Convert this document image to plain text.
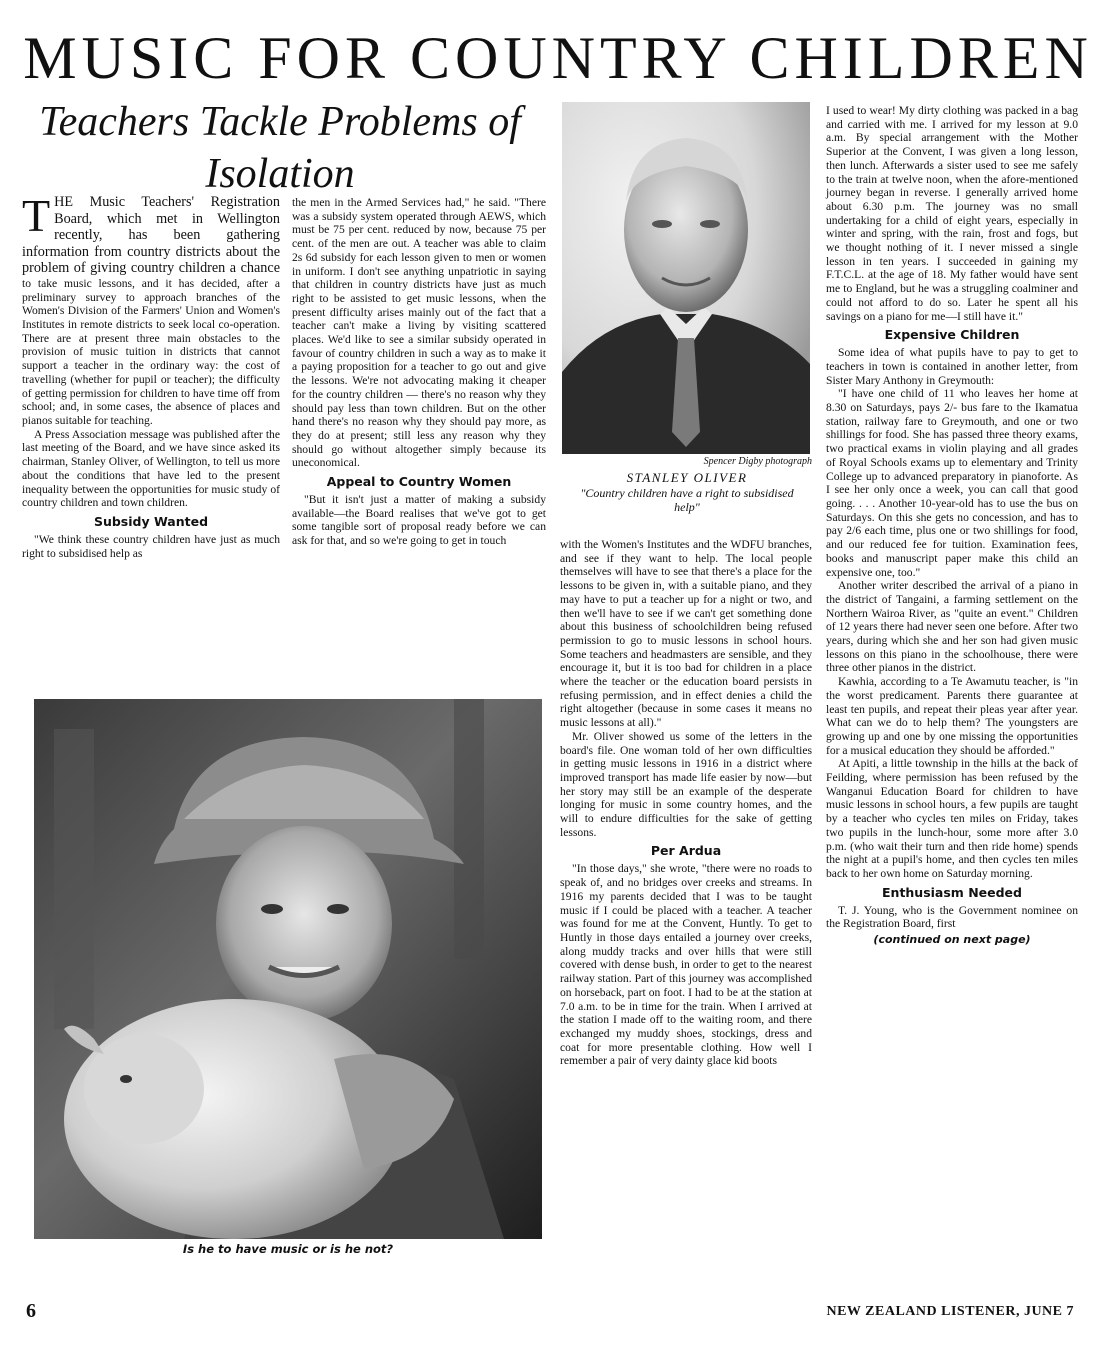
MUSIC FOR COUNTRY CHILDREN
Teachers Tackle Problems of Isolation

THE Music Teachers' Registration Board, which met in Wellington recently, has been gathering information from country districts about the problem of giving country children a chance to take music lessons, and it has decided, after a preliminary survey to approach branches of the Women's Division of the Farmers' Union and Women's Institutes in remote districts to seek local co-operation. There are at present three main obstacles to the provision of music tuition in districts that cannot support a teacher in the ordinary way: the cost of travelling (whether for pupil or teacher); the difficulty of getting permission for children to have time off from school; and, in some cases, the absence of places and pianos suitable for teaching.

A Press Association message was published after the last meeting of the Board, and we have since asked its chairman, Stanley Oliver, of Wellington, to tell us more about the conditions that have led to the present inequality between the opportunities for music study of country children and town children.

Subsidy Wanted

"We think these country children have just as much right to subsidised help as

the men in the Armed Services had," he said. "There was a subsidy system operated through AEWS, which must be 75 per cent. reduced by now, because 75 per cent. of the men are out. A teacher was able to claim 2s 6d subsidy for each lesson given to men or women in uniform. I don't see anything unpatriotic in saying that children in country districts have just as much right to be assisted to get music lessons, when the present difficulty arises mainly out of the fact that a teacher can't make a living by visiting scattered places. We'd like to see a similar subsidy operated in favour of country children in such a way as to make it a paying proposition for a teacher to go out and give the lessons. We're not advocating making it cheaper for the country children — there's no reason why they should pay less than town children. But on the other hand there's no reason why they should pay more, as they do at present; still less any reason why they should go without altogether simply because its uneconomical.

Appeal to Country Women

"But it isn't just a matter of making a subsidy available—the Board realises that we've got to get some tangible sort of proposal ready before we can ask for that, and so we're going to get in touch

Spencer Digby photograph
STANLEY OLIVER
"Country children have a right to subsidised help"

with the Women's Institutes and the WDFU branches, and see if they want to help. The local people themselves will have to see that there's a place for the lessons to be given in, with a suitable piano, and they may have to put a teacher up for a night or two, and then we'll have to see if we can't get something done about this business of schoolchildren being refused permission to go to music lessons in school hours. Some teachers and headmasters are sensible, and they encourage it, but it is too bad for children in a place where the teacher or the education board persists in refusing permission, and in effect denies a child the right altogether (because in some cases it means no music lessons at all)."

Mr. Oliver showed us some of the letters in the board's file. One woman told of her own difficulties in getting music lessons in 1916 in a district where improved transport has made life easier by now—but her story may still be an example of the desperate longing for music in some country homes, and the will to endure difficulties for the sake of getting lessons.

Per Ardua

"In those days," she wrote, "there were no roads to speak of, and no bridges over creeks and streams. In 1916 my parents decided that I was to be taught music if I could be placed with a teacher. A teacher was found for me at the Convent, Huntly. To get to Huntly in those days entailed a journey over creeks, along muddy tracks and over hills that were still covered with dense bush, in order to get to the nearest railway station. Part of this journey was accomplished on horseback, part on foot. I had to be at the station at 7.0 a.m. to be in time for the train. When I arrived at the station I made off to the waiting room, and there exchanged my muddy shoes, stockings, dress and coat for more presentable clothing. How well I remember a pair of very dainty glace kid boots

I used to wear! My dirty clothing was packed in a bag and carried with me. I arrived for my lesson at 9.0 a.m. By special arrangement with the Mother Superior at the Convent, I was given a long lesson, then lunch. Afterwards a sister used to see me safely to the train at twelve noon, when the afore-mentioned journey began in reverse. I generally arrived home about 6.30 p.m. The journey was no small undertaking for a child of eight years, especially in winter and spring, with the rain, frost and fogs, but we thought nothing of it. I never missed a single lesson in ten years. I succeeded in gaining my F.T.C.L. at the age of 18. My father would have sent me to England, but he was a struggling coalminer and could not afford to do so. Later he spent all his savings on a piano for me—I still have it."

Expensive Children

Some idea of what pupils have to pay to get to teachers in town is contained in another letter, from Sister Mary Anthony in Greymouth:

"I have one child of 11 who leaves her home at 8.30 on Saturdays, pays 2/- bus fare to the Ikamatua station, railway fare to Greymouth, and one or two shillings for food. She has passed three theory exams, two practical exams in violin playing and all grades of Royal Schools exams up to elementary and Trinity College up to advanced preparatory in pianoforte. As I see her only once a week, you can call that good going. . . . Another 10-year-old has to use the bus on Saturdays. On this she gets no concession, and has to pay 2/6 each time, plus one or two shillings for food, and our reduced fee for tuition. Examination fees, books and manuscript paper make this child an expensive one, too."

Another writer described the arrival of a piano in the district of Tangaini, a farming settlement on the Northern Wairoa River, as "quite an event." Children of 12 years there had never seen one before. After two years, during which she and her son had given music lessons on this piano in the schoolhouse, there were three other pianos in the district.

Kawhia, according to a Te Awamutu teacher, is "in the worst predicament. Parents there guarantee at least ten pupils, and repeat their pleas year after year. What can we do to help them? The youngsters are growing up and one by one missing the opportunities for a musical education they should be afforded."

At Apiti, a little township in the hills at the back of Feilding, where permission has been refused by the Wanganui Education Board for children to have music lessons in school hours, a few pupils are taught by a teacher who cycles ten miles on Friday, takes two pupils in the lunch-hour, some more after 3.0 p.m. (who wait their turn and then ride home) spends the night at a pupil's home, and then cycles ten miles back to her own home on Saturday morning.

Enthusiasm Needed

T. J. Young, who is the Government nominee on the Registration Board, first

(continued on next page)

Is he to have music or is he not?
6	NEW ZEALAND LISTENER, JUNE 7
